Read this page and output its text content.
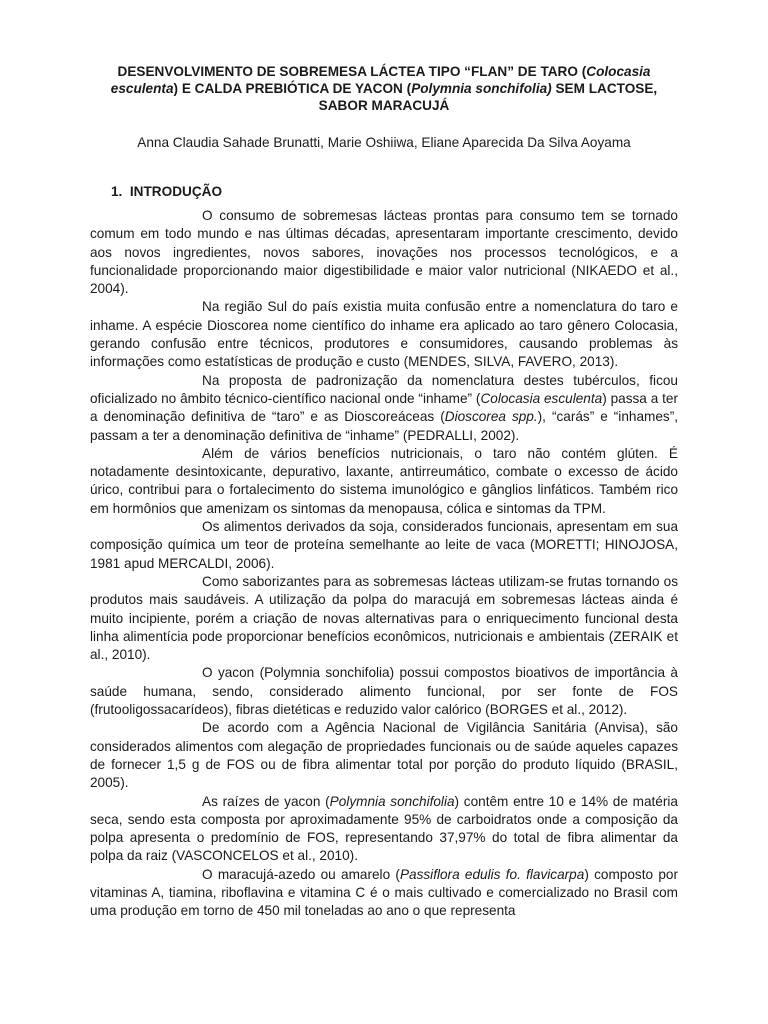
DESENVOLVIMENTO DE SOBREMESA LÁCTEA TIPO “FLAN” DE TARO (Colocasia esculenta) E CALDA PREBIÓTICA DE YACON (Polymnia sonchifolia) SEM LACTOSE, SABOR MARACUJÁ
Anna Claudia Sahade Brunatti, Marie Oshiiwa, Eliane Aparecida Da Silva Aoyama
1. INTRODUÇÃO

O consumo de sobremesas lácteas prontas para consumo tem se tornado comum em todo mundo e nas últimas décadas, apresentaram importante crescimento, devido aos novos ingredientes, novos sabores, inovações nos processos tecnológicos, e a funcionalidade proporcionando maior digestibilidade e maior valor nutricional (NIKAEDO et al., 2004).

Na região Sul do país existia muita confusão entre a nomenclatura do taro e inhame. A espécie Dioscorea nome científico do inhame era aplicado ao taro gênero Colocasia, gerando confusão entre técnicos, produtores e consumidores, causando problemas às informações como estatísticas de produção e custo (MENDES, SILVA, FAVERO, 2013).

Na proposta de padronização da nomenclatura destes tubérculos, ficou oficializado no âmbito técnico-científico nacional onde “inhame” (Colocasia esculenta) passa a ter a denominação definitiva de “taro” e as Dioscoreáceas (Dioscorea spp.), “carás” e “inhames”, passam a ter a denominação definitiva de “inhame” (PEDRALLI, 2002).

Além de vários benefícios nutricionais, o taro não contém glúten. É notadamente desintoxicante, depurativo, laxante, antirreumático, combate o excesso de ácido úrico, contribui para o fortalecimento do sistema imunológico e gânglios linfáticos. Também rico em hormônios que amenizam os sintomas da menopausa, cólica e sintomas da TPM.

Os alimentos derivados da soja, considerados funcionais, apresentam em sua composição química um teor de proteína semelhante ao leite de vaca (MORETTI; HINOJOSA, 1981 apud MERCALDI, 2006).

Como saborizantes para as sobremesas lácteas utilizam-se frutas tornando os produtos mais saudáveis. A utilização da polpa do maracujá em sobremesas lácteas ainda é muito incipiente, porém a criação de novas alternativas para o enriquecimento funcional desta linha alimentícia pode proporcionar benefícios econômicos, nutricionais e ambientais (ZERAIK et al., 2010).

O yacon (Polymnia sonchifolia) possui compostos bioativos de importância à saúde humana, sendo, considerado alimento funcional, por ser fonte de FOS (frutooligossacarídeos), fibras dietéticas e reduzido valor calórico (BORGES et al., 2012).

De acordo com a Agência Nacional de Vigilância Sanitária (Anvisa), são considerados alimentos com alegação de propriedades funcionais ou de saúde aqueles capazes de fornecer 1,5 g de FOS ou de fibra alimentar total por porção do produto líquido (BRASIL, 2005).

As raízes de yacon (Polymnia sonchifolia) contêm entre 10 e 14% de matéria seca, sendo esta composta por aproximadamente 95% de carboidratos onde a composição da polpa apresenta o predomínio de FOS, representando 37,97% do total de fibra alimentar da polpa da raiz (VASCONCELOS et al., 2010).

O maracujá-azedo ou amarelo (Passiflora edulis fo. flavicarpa) composto por vitaminas A, tiamina, riboflavina e vitamina C é o mais cultivado e comercializado no Brasil com uma produção em torno de 450 mil toneladas ao ano o que representa
